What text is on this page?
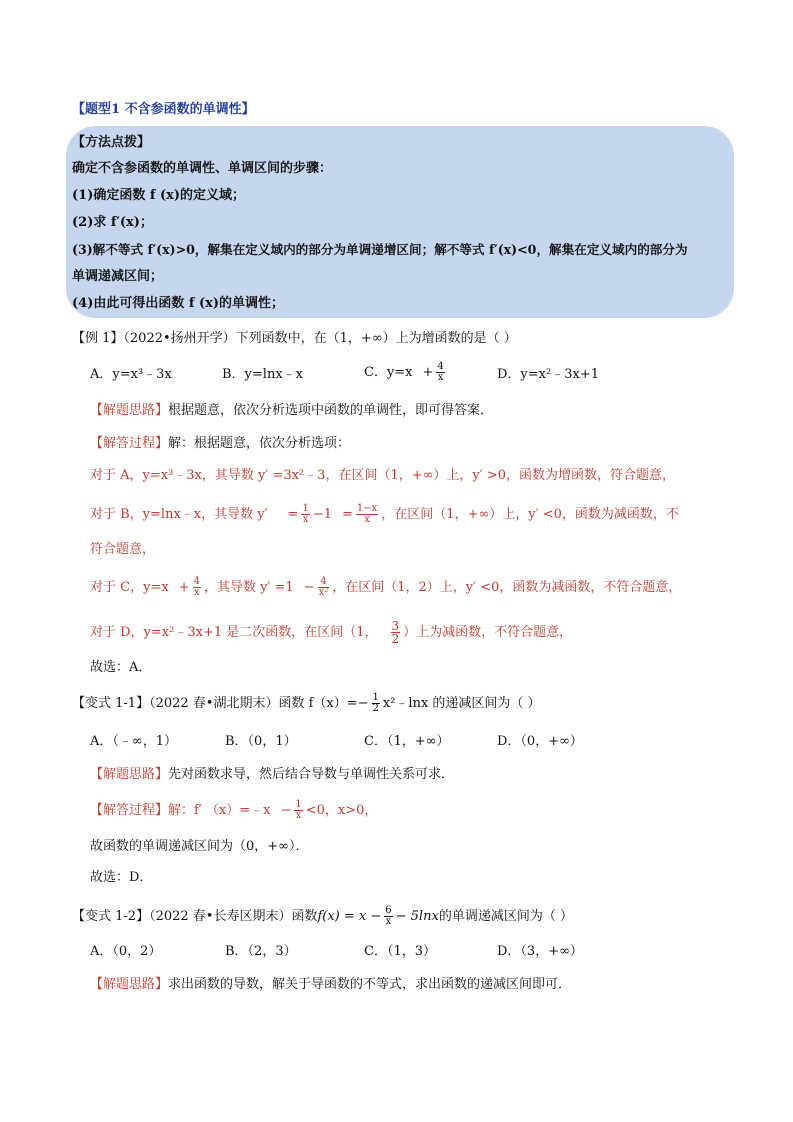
【题型1 不含参函数的单调性】
【方法点拨】
确定不含参函数的单调性、单调区间的步骤：
(1)确定函数 f (x)的定义域；
(2)求 f′(x)；
(3)解不等式 f′(x)>0，解集在定义域内的部分为单调递增区间；解不等式 f′(x)<0，解集在定义域内的部分为
单调递减区间；
(4)由此可得出函数 f (x)的单调性；
【例 1】（2022•扬州开学）下列函数中，在（1，+∞）上为增函数的是（ ）
A．y=x³﹣3x	B．y=lnx﹣x	C．$y=x + \frac{4}{x}$	D．y=x²﹣3x+1
【解题思路】根据题意，依次分析选项中函数的单调性，即可得答案．
【解答过程】解：根据题意，依次分析选项：
对于 A，y=x³﹣3x，其导数 y′ =3x²﹣3，在区间（1，+∞）上，y′ >0，函数为增函数，符合题意，
对于 B，y=lnx﹣x，其导数 $y' = \frac{1}{x} -1 = \frac{1-x}{x}$ ，在区间（1，+∞）上，y′ <0，函数为减函数，不
符合题意，
对于 C，$y=x + \frac{4}{x}$ ，其导数 $y' =1 - \frac{4}{\text{x²}}$ ，在区间（1，2）上，y′ <0，函数为减函数，不符合题意，
对于 D，y=x²﹣3x+1 是二次函数，在区间（1， $\frac{3}{2}$ ）上为减函数，不符合题意，
故选：A．
【变式 1-1】（2022 春•湖北期末）函数 $f(x)=- \frac{1}{2}$ x²﹣lnx 的递减区间为（ ）
A．（﹣∞，1）	B．（0，1）	C．（1，+∞）	D．（0，+∞）
【解题思路】先对函数求导，然后结合导数与单调性关系可求．
【解答过程】解：f′ （x）=﹣x − $\frac{1}{x} <0$，x>0，
故函数的单调递减区间为（0，+∞）．
故选：D．
【变式 1-2】（2022 春•长寿区期末）函数$f(x) = x - \frac{6}{x} - 5\ln x$的单调递减区间为（ ）
A．（0，2）	B．（2，3）	C．（1，3）	D．（3，+∞）
【解题思路】求出函数的导数，解关于导函数的不等式，求出函数的递减区间即可．
